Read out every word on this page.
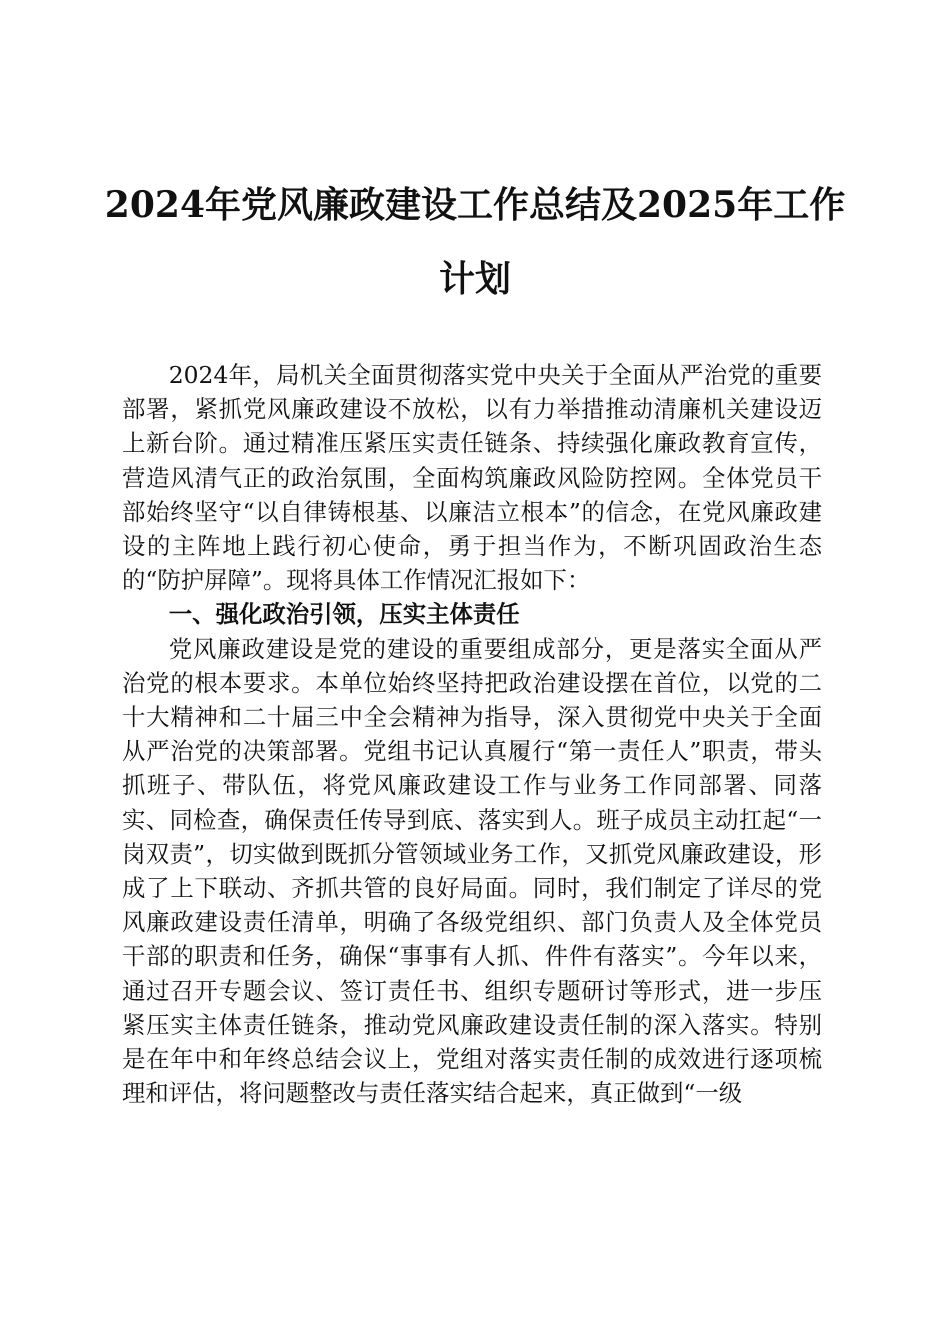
2024年党风廉政建设工作总结及2025年工作计划

2024年，局机关全面贯彻落实党中央关于全面从严治党的重要部署，紧抓党风廉政建设不放松，以有力举措推动清廉机关建设迈上新台阶。通过精准压紧压实责任链条、持续强化廉政教育宣传，营造风清气正的政治氛围，全面构筑廉政风险防控网。全体党员干部始终坚守“以自律铸根基、以廉洁立根本”的信念，在党风廉政建设的主阵地上践行初心使命，勇于担当作为，不断巩固政治生态的“防护屏障”。现将具体工作情况汇报如下：

一、强化政治引领，压实主体责任

党风廉政建设是党的建设的重要组成部分，更是落实全面从严治党的根本要求。本单位始终坚持把政治建设摆在首位，以党的二十大精神和二十届三中全会精神为指导，深入贯彻党中央关于全面从严治党的决策部署。党组书记认真履行“第一责任人”职责，带头抓班子、带队伍，将党风廉政建设工作与业务工作同部署、同落实、同检查，确保责任传导到底、落实到人。班子成员主动扛起“一岗双责”，切实做到既抓分管领域业务工作，又抓党风廉政建设，形成了上下联动、齐抓共管的良好局面。同时，我们制定了详尽的党风廉政建设责任清单，明确了各级党组织、部门负责人及全体党员干部的职责和任务，确保“事事有人抓、件件有落实”。今年以来，通过召开专题会议、签订责任书、组织专题研讨等形式，进一步压紧压实主体责任链条，推动党风廉政建设责任制的深入落实。特别是在年中和年终总结会议上，党组对落实责任制的成效进行逐项梳理和评估，将问题整改与责任落实结合起来，真正做到“一级
